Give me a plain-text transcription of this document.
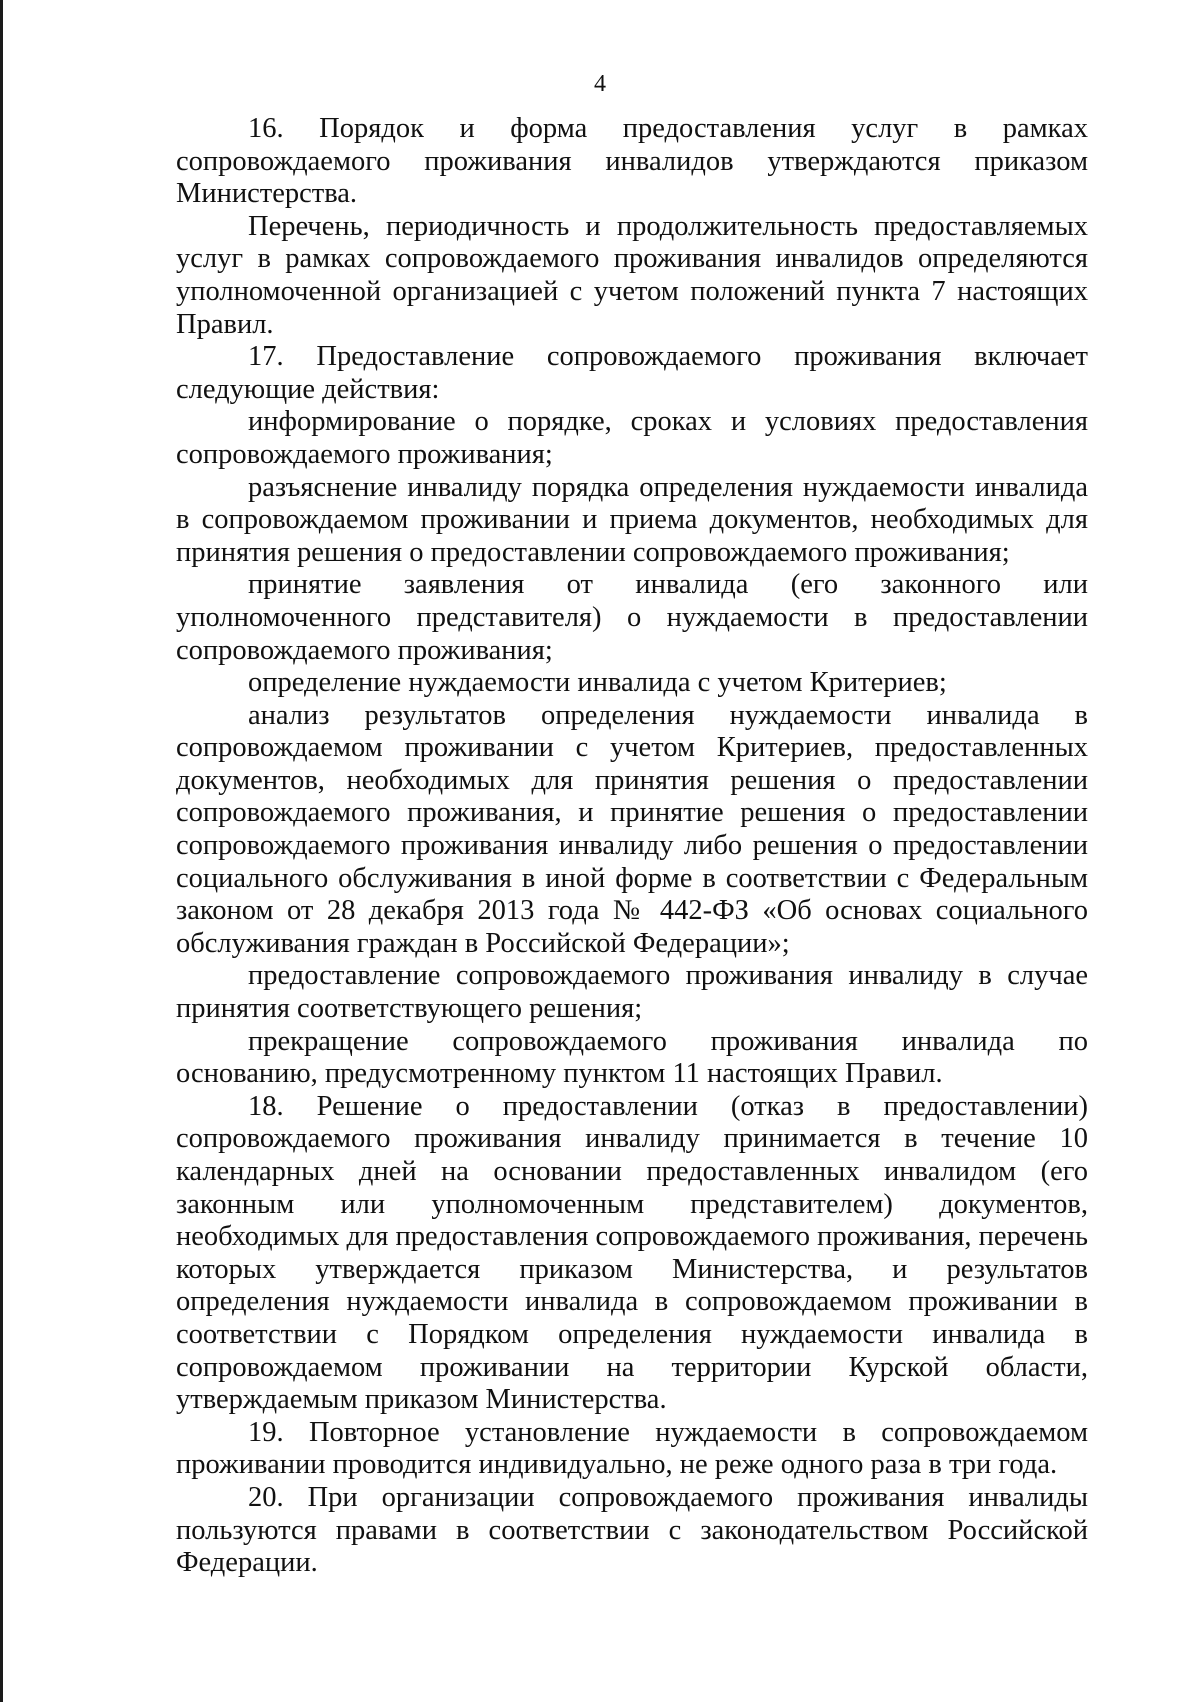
4

16. Порядок и форма предоставления услуг в рамках сопровождаемого проживания инвалидов утверждаются приказом Министерства.

Перечень, периодичность и продолжительность предоставляемых услуг в рамках сопровождаемого проживания инвалидов определяются уполномоченной организацией с учетом положений пункта 7 настоящих Правил.

17. Предоставление сопровождаемого проживания включает следующие действия:

информирование о порядке, сроках и условиях предоставления сопровождаемого проживания;

разъяснение инвалиду порядка определения нуждаемости инвалида в сопровождаемом проживании и приема документов, необходимых для принятия решения о предоставлении сопровождаемого проживания;

принятие заявления от инвалида (его законного или уполномоченного представителя) о нуждаемости в предоставлении сопровождаемого проживания;

определение нуждаемости инвалида с учетом Критериев;

анализ результатов определения нуждаемости инвалида в сопровождаемом проживании с учетом Критериев, предоставленных документов, необходимых для принятия решения о предоставлении сопровождаемого проживания, и принятие решения о предоставлении сопровождаемого проживания инвалиду либо решения о предоставлении социального обслуживания в иной форме в соответствии с Федеральным законом от 28 декабря 2013 года № 442-ФЗ «Об основах социального обслуживания граждан в Российской Федерации»;

предоставление сопровождаемого проживания инвалиду в случае принятия соответствующего решения;

прекращение сопровождаемого проживания инвалида по основанию, предусмотренному пунктом 11 настоящих Правил.

18. Решение о предоставлении (отказ в предоставлении) сопровождаемого проживания инвалиду принимается в течение 10 календарных дней на основании предоставленных инвалидом (его законным или уполномоченным представителем) документов, необходимых для предоставления сопровождаемого проживания, перечень которых утверждается приказом Министерства, и результатов определения нуждаемости инвалида в сопровождаемом проживании в соответствии с Порядком определения нуждаемости инвалида в сопровождаемом проживании на территории Курской области, утверждаемым приказом Министерства.

19. Повторное установление нуждаемости в сопровождаемом проживании проводится индивидуально, не реже одного раза в три года.

20. При организации сопровождаемого проживания инвалиды пользуются правами в соответствии с законодательством Российской Федерации.
